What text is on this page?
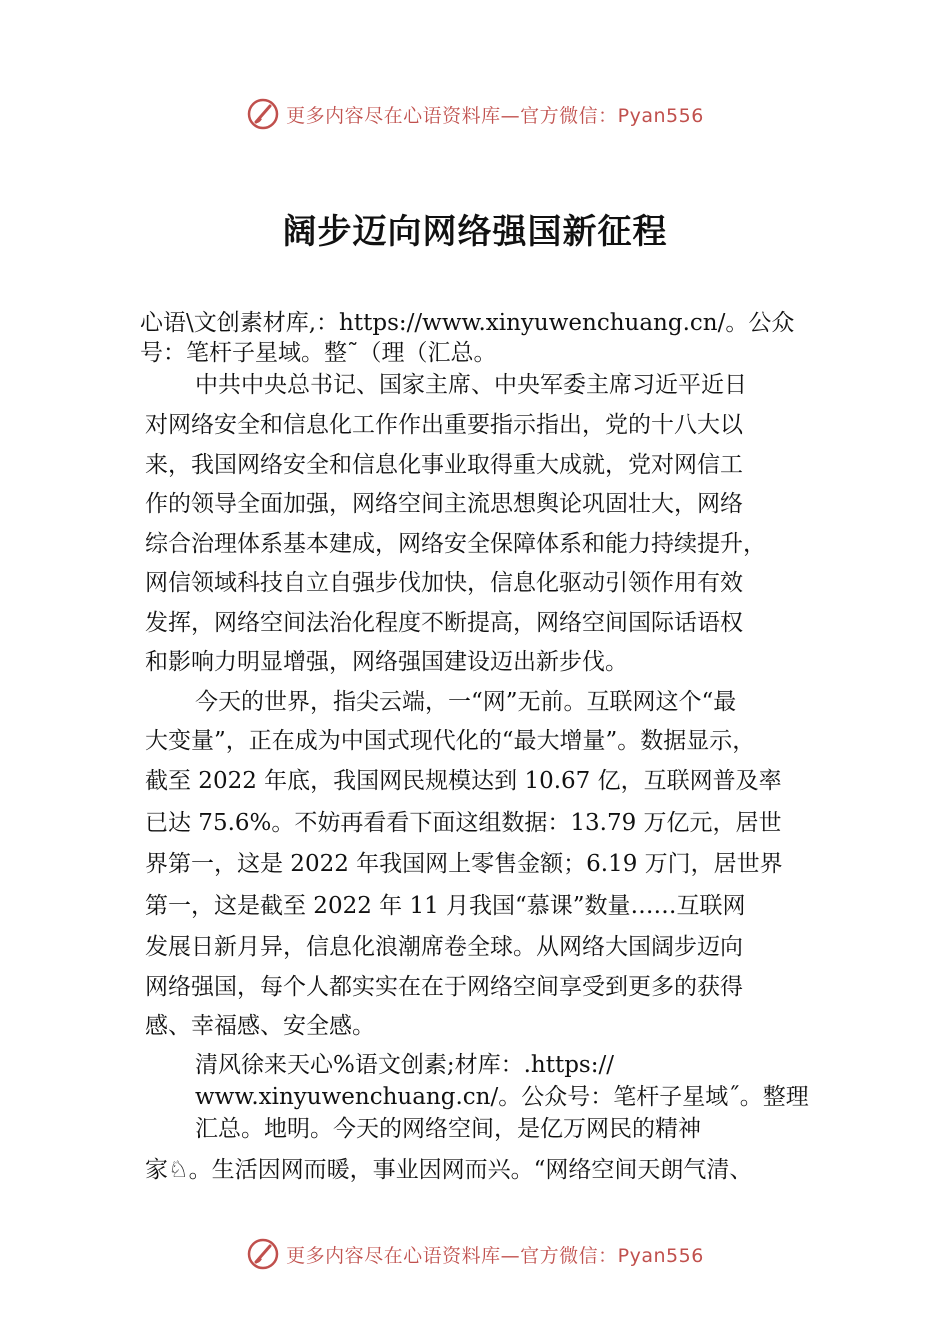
更多内容尽在心语资料库—官方微信：Pyan556
阔步迈向网络强国新征程

心语\文创素材库,：https://www.xinyuwenchuang.cn/。公众

号：笔杆子星域。整˜（理（汇总。

中共中央总书记、国家主席、中央军委主席习近平近日

对网络安全和信息化工作作出重要指示指出，党的十八大以

来，我国网络安全和信息化事业取得重大成就，党对网信工

作的领导全面加强，网络空间主流思想舆论巩固壮大，网络

综合治理体系基本建成，网络安全保障体系和能力持续提升，

网信领域科技自立自强步伐加快，信息化驱动引领作用有效

发挥，网络空间法治化程度不断提高，网络空间国际话语权

和影响力明显增强，网络强国建设迈出新步伐。

今天的世界，指尖云端，一“网”无前。互联网这个“最

大变量”，正在成为中国式现代化的“最大增量”。数据显示，

截至 2022 年底，我国网民规模达到 10.67 亿，互联网普及率

已达 75.6%。不妨再看看下面这组数据：13.79 万亿元，居世

界第一，这是 2022 年我国网上零售金额；6.19 万门，居世界

第一，这是截至 2022 年 11 月我国“慕课”数量……互联网

发展日新月异，信息化浪潮席卷全球。从网络大国阔步迈向

网络强国，每个人都实实在在于网络空间享受到更多的获得

感、幸福感、安全感。

清风徐来天心%语文创素;材库：.https://

www.xinyuwenchuang.cn/。公众号：笔杆子星域˝。整理

汇总。地明。今天的网络空间，是亿万网民的精神

家♘。生活因网而暖，事业因网而兴。“网络空间天朗气清、

更多内容尽在心语资料库—官方微信：Pyan556
